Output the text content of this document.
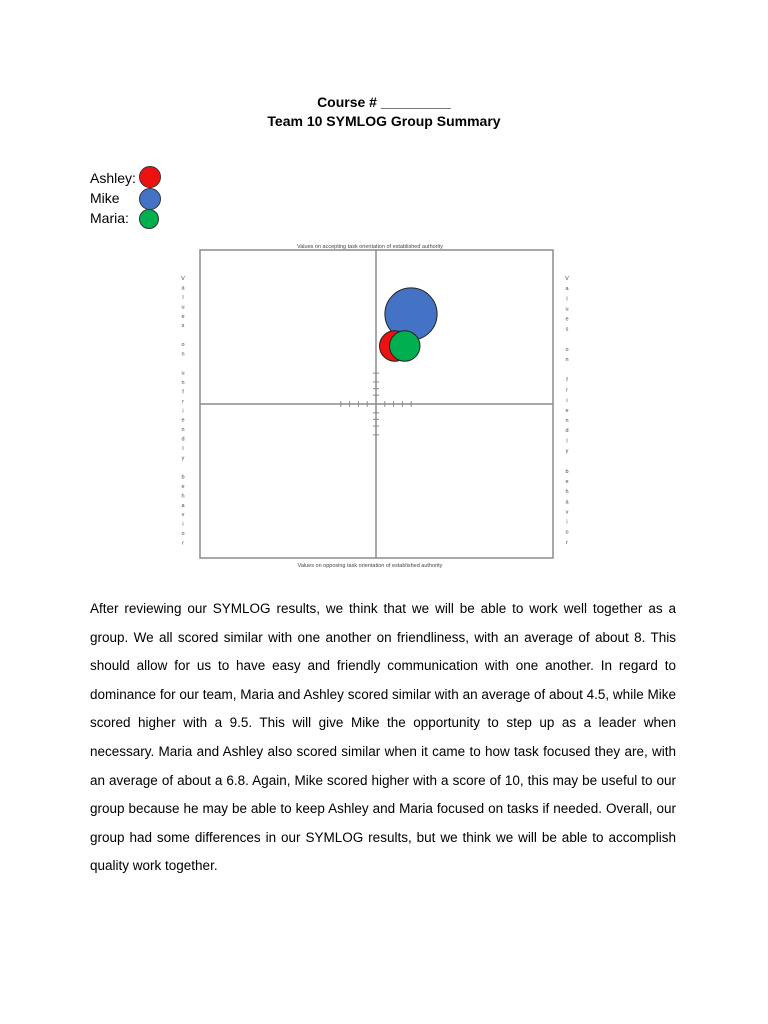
Course # _________
Team 10 SYMLOG Group Summary
Ashley:
Mike
Maria:
Values on accepting task orientation of established authority
Values on opposing task orientation of established authority
V
a
l
u
e
s
o
n
u
n
f
r
i
e
n
d
l
y
b
e
h
a
v
i
o
r
V
a
l
u
e
s
o
n
f
r
i
e
n
d
l
y
b
e
h
a
v
i
o
r

After reviewing our SYMLOG results, we think that we will be able to work well together as a group. We all scored similar with one another on friendliness, with an average of about 8. This should allow for us to have easy and friendly communication with one another. In regard to dominance for our team, Maria and Ashley scored similar with an average of about 4.5, while Mike scored higher with a 9.5. This will give Mike the opportunity to step up as a leader when necessary. Maria and Ashley also scored similar when it came to how task focused they are, with an average of about a 6.8. Again, Mike scored higher with a score of 10, this may be useful to our group because he may be able to keep Ashley and Maria focused on tasks if needed. Overall, our group had some differences in our SYMLOG results, but we think we will be able to accomplish quality work together.
